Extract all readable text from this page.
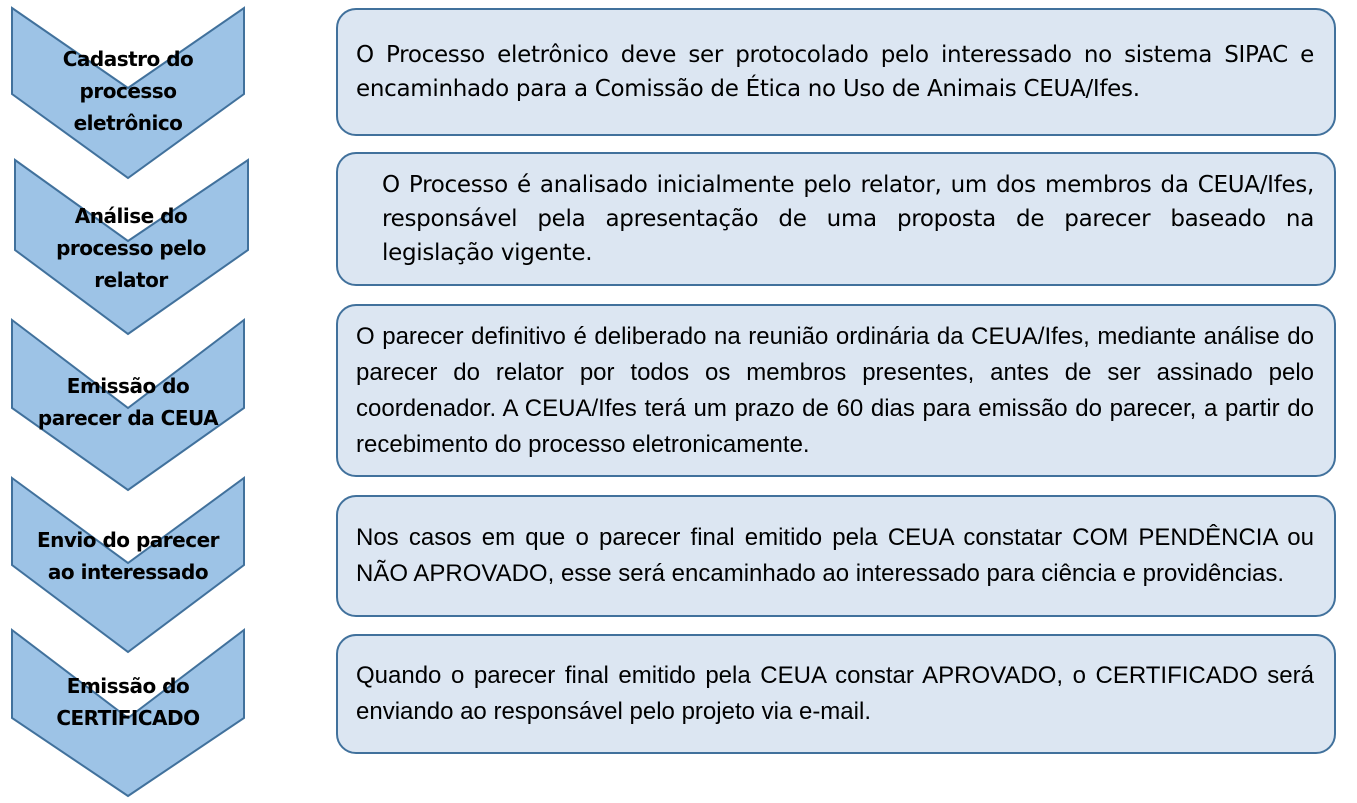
Cadastro do
processo
eletrônico
Análise do
processo pelo
relator
Emissão do
parecer da CEUA
Envio do parecer
ao interessado
Emissão do
CERTIFICADO
O Processo eletrônico deve ser protocolado pelo interessado no sistema SIPAC e encaminhado para a Comissão de Ética no Uso de Animais CEUA/Ifes.
O Processo é analisado inicialmente pelo relator, um dos membros da CEUA/Ifes, responsável pela apresentação de uma proposta de parecer baseado na legislação vigente.
O parecer definitivo é deliberado na reunião ordinária da CEUA/Ifes, mediante análise do parecer do relator por todos os membros presentes, antes de ser assinado pelo coordenador. A CEUA/Ifes terá um prazo de 60 dias para emissão do parecer, a partir do recebimento do processo eletronicamente.
Nos casos em que o parecer final emitido pela CEUA constatar COM PENDÊNCIA ou NÃO APROVADO, esse será encaminhado ao interessado para ciência e providências.
Quando o parecer final emitido pela CEUA constar APROVADO, o CERTIFICADO será enviando ao responsável pelo projeto via e-mail.
